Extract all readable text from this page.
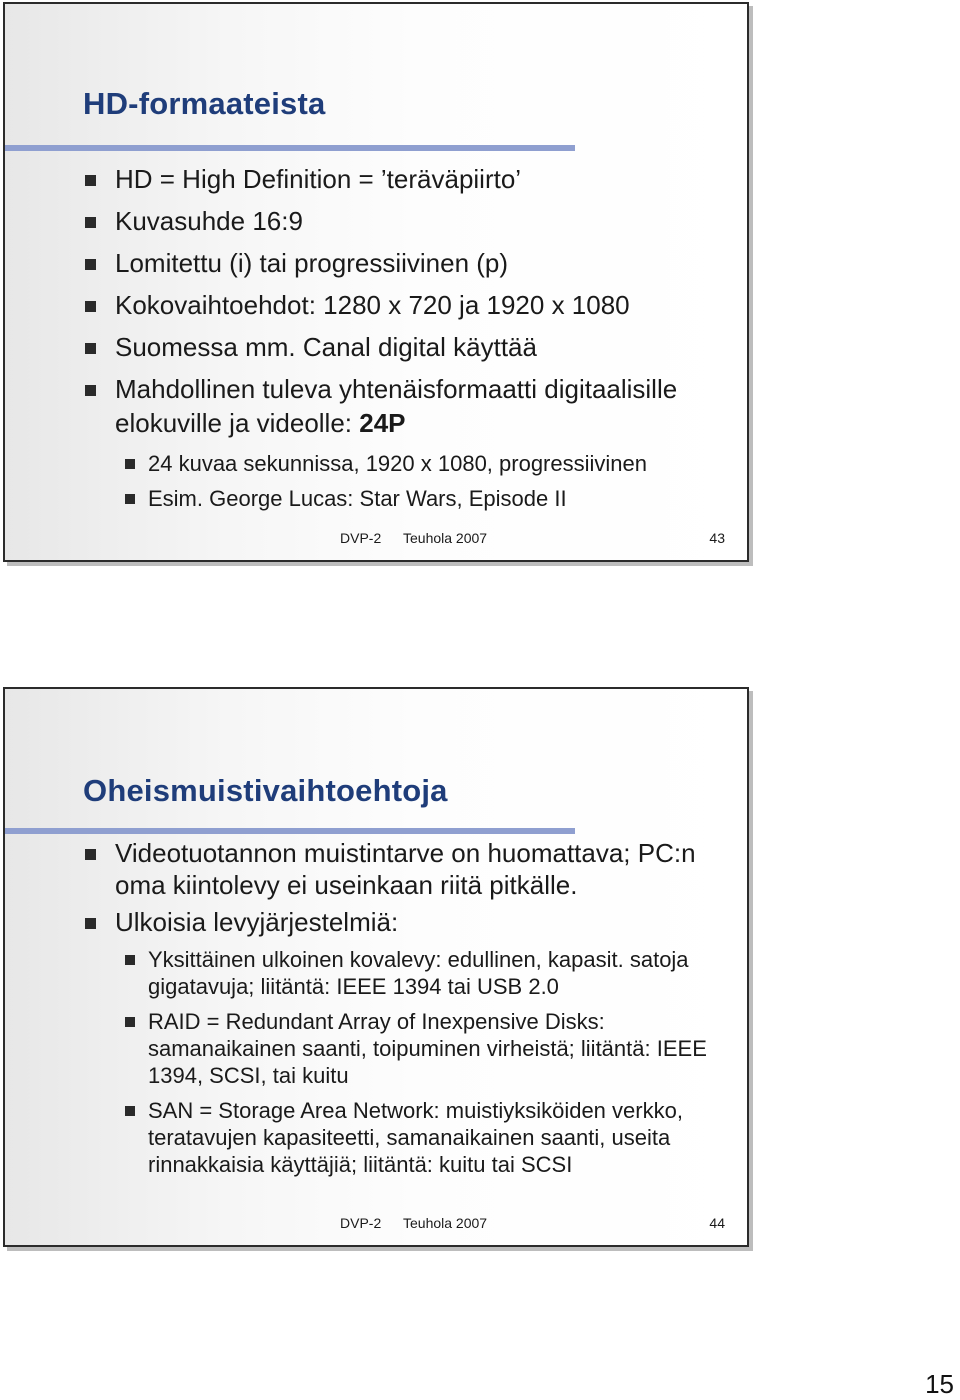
HD-formaateista
HD = High Definition = ’teräväpiirto’
Kuvasuhde 16:9
Lomitettu (i) tai progressiivinen (p)
Kokovaihtoehdot: 1280 x 720 ja 1920 x 1080
Suomessa mm. Canal digital käyttää
Mahdollinen tuleva yhtenäisformaatti digitaalisille elokuville ja videolle: 24P
24 kuvaa sekunnissa, 1920 x 1080, progressiivinen
Esim. George Lucas: Star Wars, Episode II
DVP-2 Teuhola 2007	43
Oheismuistivaihtoehtoja
Videotuotannon muistintarve on huomattava; PC:n oma kiintolevy ei useinkaan riitä pitkälle.
Ulkoisia levyjärjestelmiä:
Yksittäinen ulkoinen kovalevy: edullinen, kapasit. satoja gigatavuja; liitäntä: IEEE 1394 tai USB 2.0
RAID = Redundant Array of Inexpensive Disks: samanaikainen saanti, toipuminen virheistä; liitäntä: IEEE 1394, SCSI, tai kuitu
SAN = Storage Area Network: muistiyksiköiden verkko, teratavujen kapasiteetti, samanaikainen saanti, useita rinnakkaisia käyttäjiä; liitäntä: kuitu tai SCSI
DVP-2 Teuhola 2007	44
15
